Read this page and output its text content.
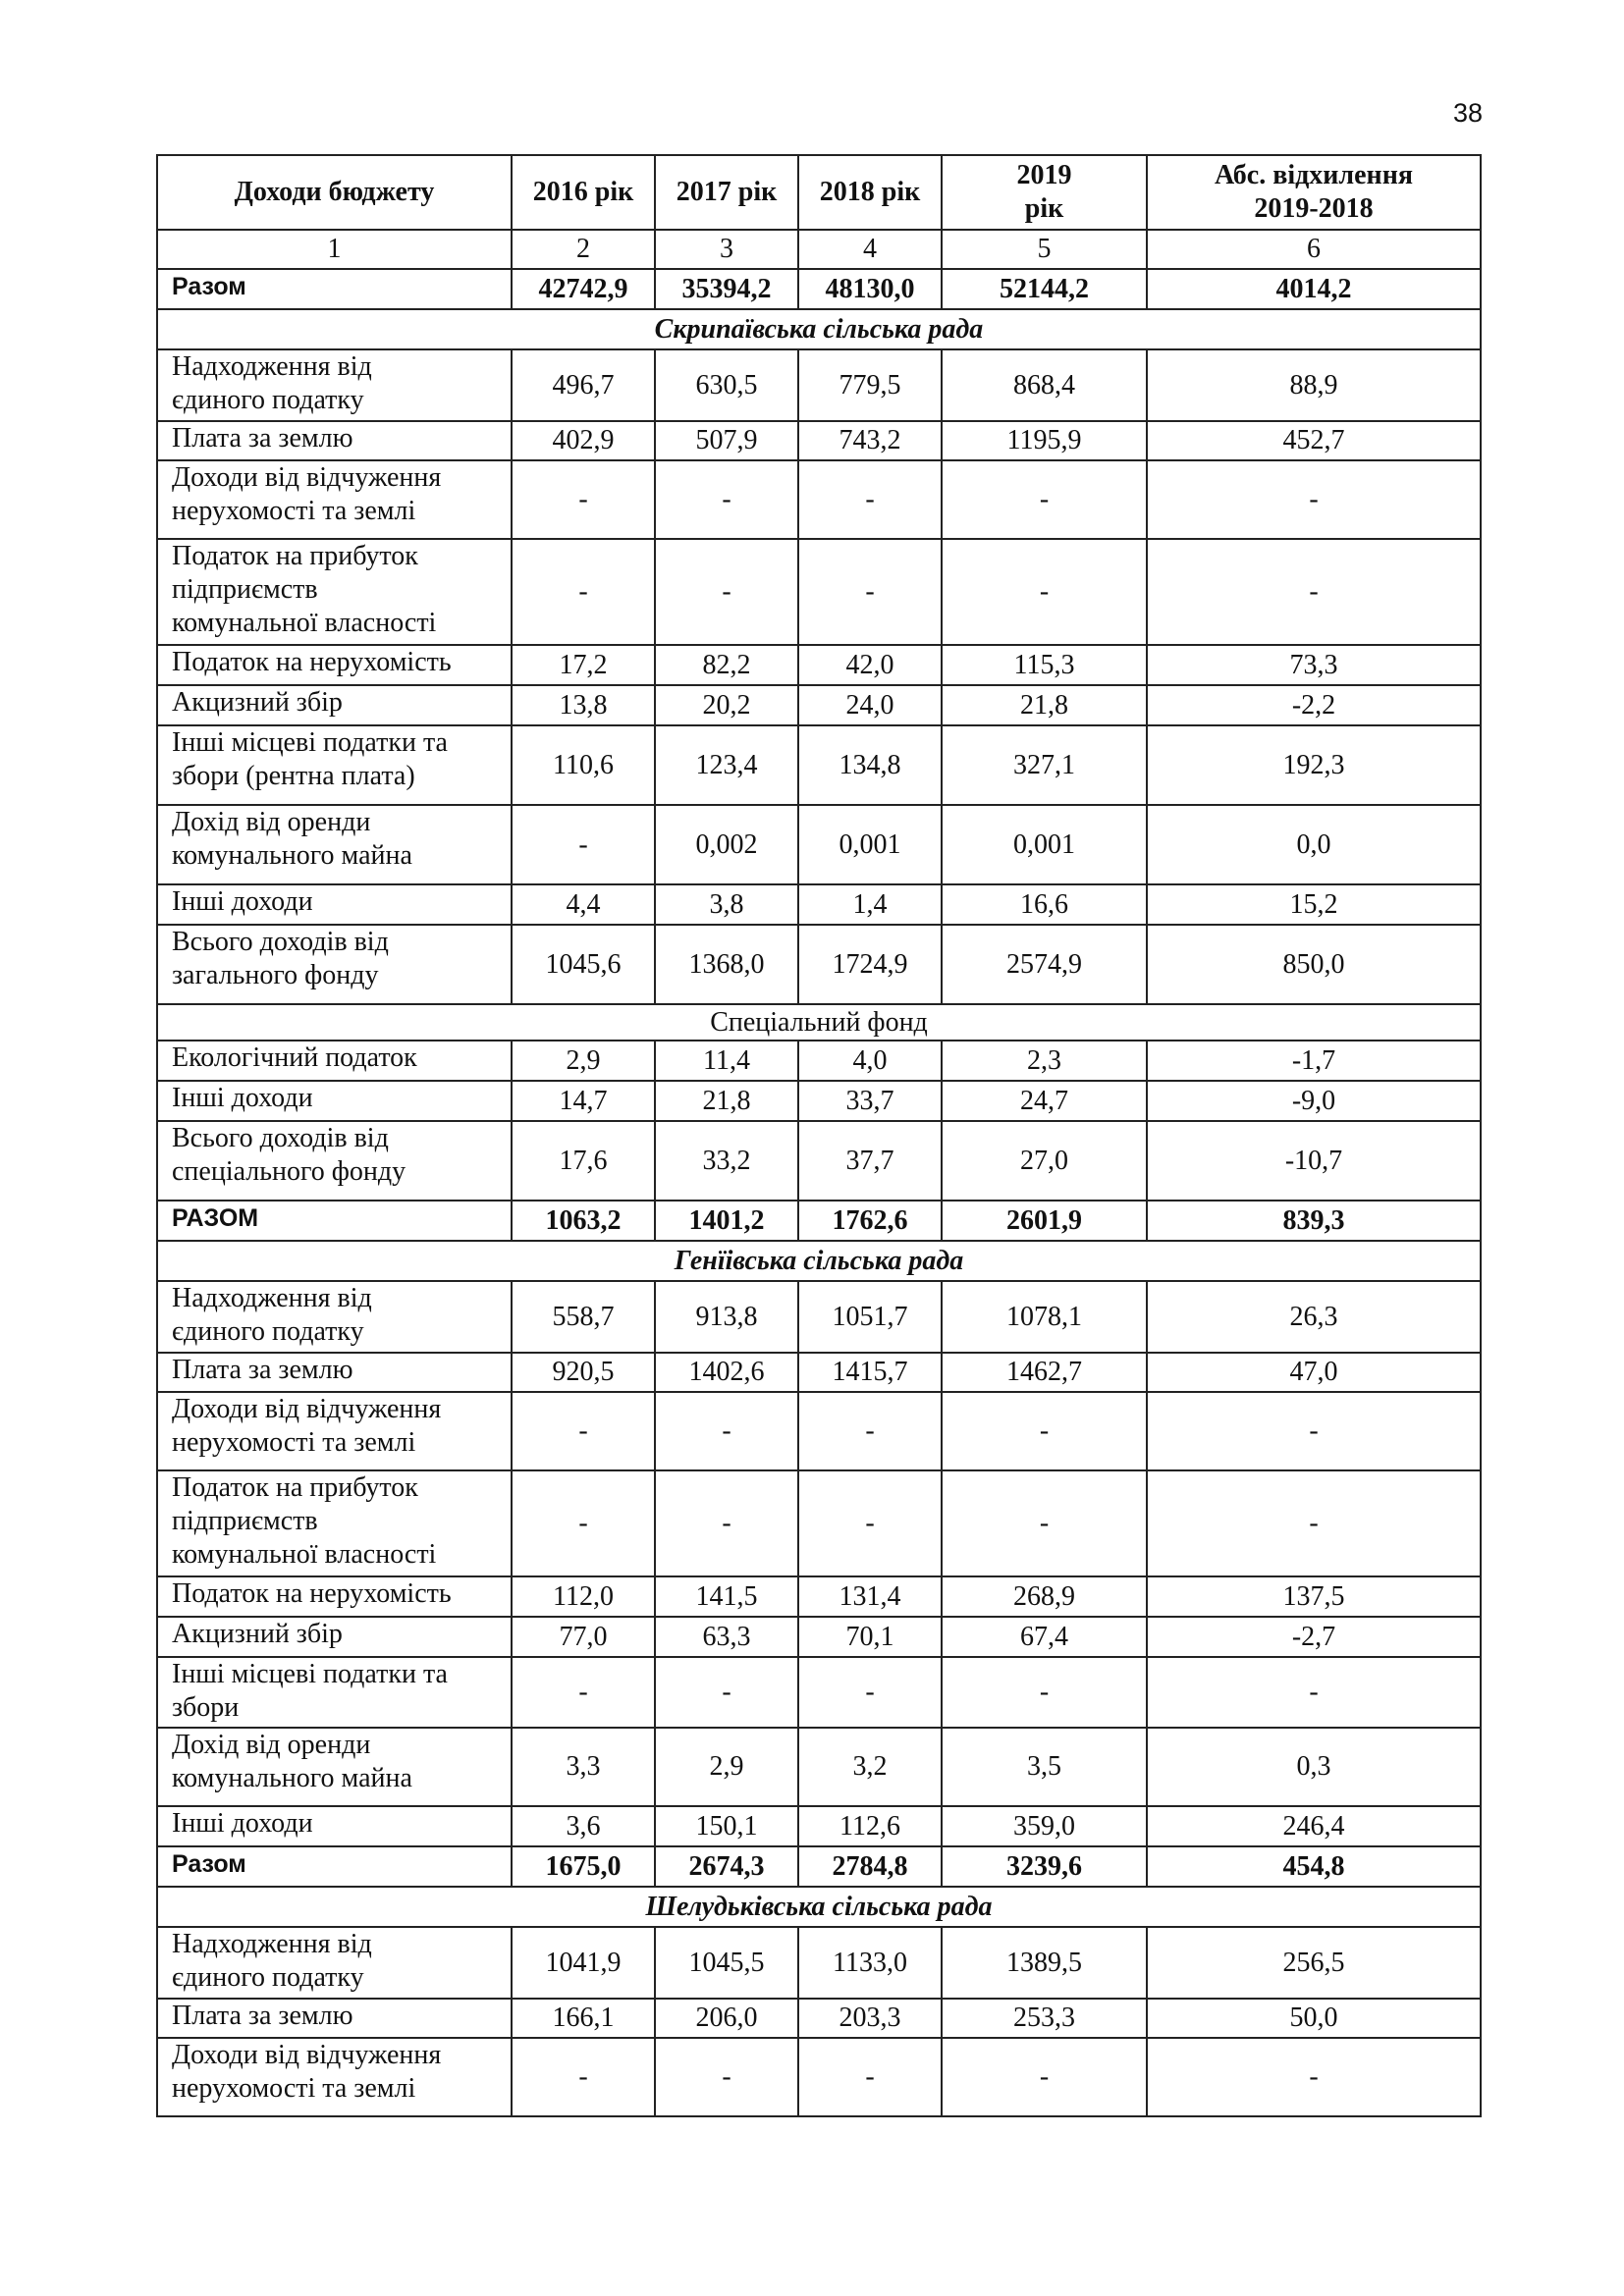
38
Доходи бюджету	2016 рік	2017 рік	2018 рік	2019
рік	Абс. відхилення
2019-2018
1	2	3	4	5	6
Разом	42742,9	35394,2	48130,0	52144,2	4014,2
Скрипаївська сільська рада					
Надходження від
єдиного податку	496,7	630,5	779,5	868,4	88,9
Плата за землю	402,9	507,9	743,2	1195,9	452,7
Доходи від відчуження
нерухомості та землі	-	-	-	-	-
Податок на прибуток
підприємств
комунальної власності	-	-	-	-	-
Податок на нерухомість	17,2	82,2	42,0	115,3	73,3
Акцизний збір	13,8	20,2	24,0	21,8	-2,2
Інші місцеві податки та
збори (рентна плата)	110,6	123,4	134,8	327,1	192,3
Дохід від оренди
комунального майна	-	0,002	0,001	0,001	0,0
Інші доходи	4,4	3,8	1,4	16,6	15,2
Всього доходів від
загального фонду	1045,6	1368,0	1724,9	2574,9	850,0
Спеціальний фонд					
Екологічний податок	2,9	11,4	4,0	2,3	-1,7
Інші доходи	14,7	21,8	33,7	24,7	-9,0
Всього доходів від
спеціального фонду	17,6	33,2	37,7	27,0	-10,7
РАЗОМ	1063,2	1401,2	1762,6	2601,9	839,3
Генїівська сільська рада					
Надходження від
єдиного податку	558,7	913,8	1051,7	1078,1	26,3
Плата за землю	920,5	1402,6	1415,7	1462,7	47,0
Доходи від відчуження
нерухомості та землі	-	-	-	-	-
Податок на прибуток
підприємств
комунальної власності	-	-	-	-	-
Податок на нерухомість	112,0	141,5	131,4	268,9	137,5
Акцизний збір	77,0	63,3	70,1	67,4	-2,7
Інші місцеві податки та
збори	-	-	-	-	-
Дохід від оренди
комунального майна	3,3	2,9	3,2	3,5	0,3
Інші доходи	3,6	150,1	112,6	359,0	246,4
Разом	1675,0	2674,3	2784,8	3239,6	454,8
Шелудьківська сільська рада					
Надходження від
єдиного податку	1041,9	1045,5	1133,0	1389,5	256,5
Плата за землю	166,1	206,0	203,3	253,3	50,0
Доходи від відчуження
нерухомості та землі	-	-	-	-	-
